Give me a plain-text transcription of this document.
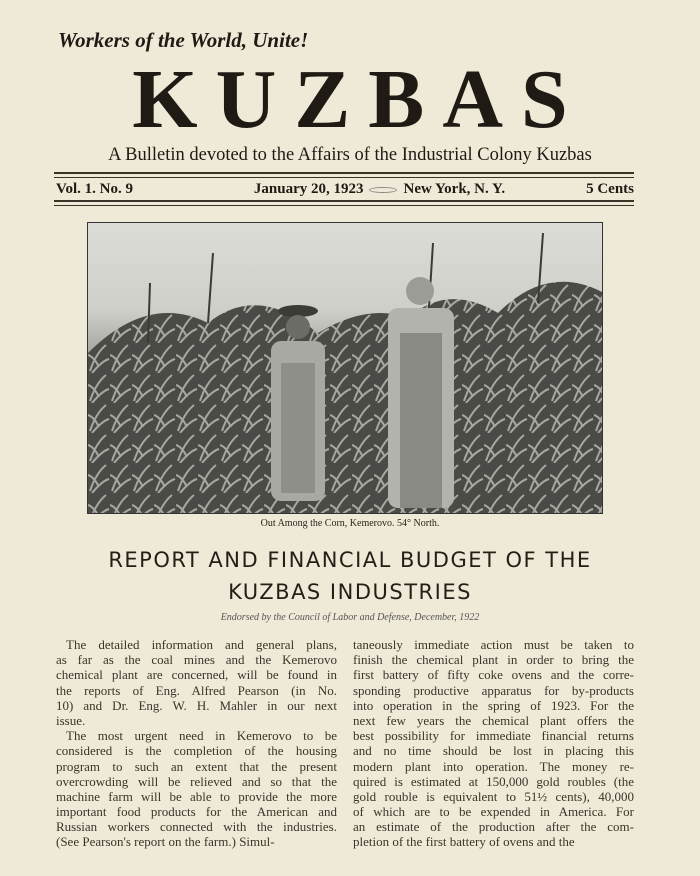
Workers of the World, Unite!
KUZBAS
A Bulletin devoted to the Affairs of the Industrial Colony Kuzbas
Vol. 1. No. 9	January 20, 1923	New York, N. Y.	5 Cents
Out Among the Corn, Kemerovo. 54° North.
REPORT AND FINANCIAL BUDGET OF THE
KUZBAS INDUSTRIES
Endorsed by the Council of Labor and Defense, December, 1922
The detailed information and general plans,
as far as the coal mines and the Kemerovo
chemical plant are concerned, will be found in
the reports of Eng. Alfred Pearson (in No.
10) and Dr. Eng. W. H. Mahler in our next
issue.
The most urgent need in Kemerovo to be
considered is the completion of the housing
program to such an extent that the present
overcrowding will be relieved and so that the
machine farm will be able to provide the more
important food products for the American and
Russian workers connected with the industries.
(See Pearson's report on the farm.) Simul-
taneously immediate action must be taken to
finish the chemical plant in order to bring the
first battery of fifty coke ovens and the corre-
sponding productive apparatus for by-products
into operation in the spring of 1923. For the
next few years the chemical plant offers the
best possibility for immediate financial returns
and no time should be lost in placing this
modern plant into operation. The money re-
quired is estimated at 150,000 gold roubles (the
gold rouble is equivalent to 51½ cents), 40,000
of which are to be expended in America. For
an estimate of the production after the com-
pletion of the first battery of ovens and the
